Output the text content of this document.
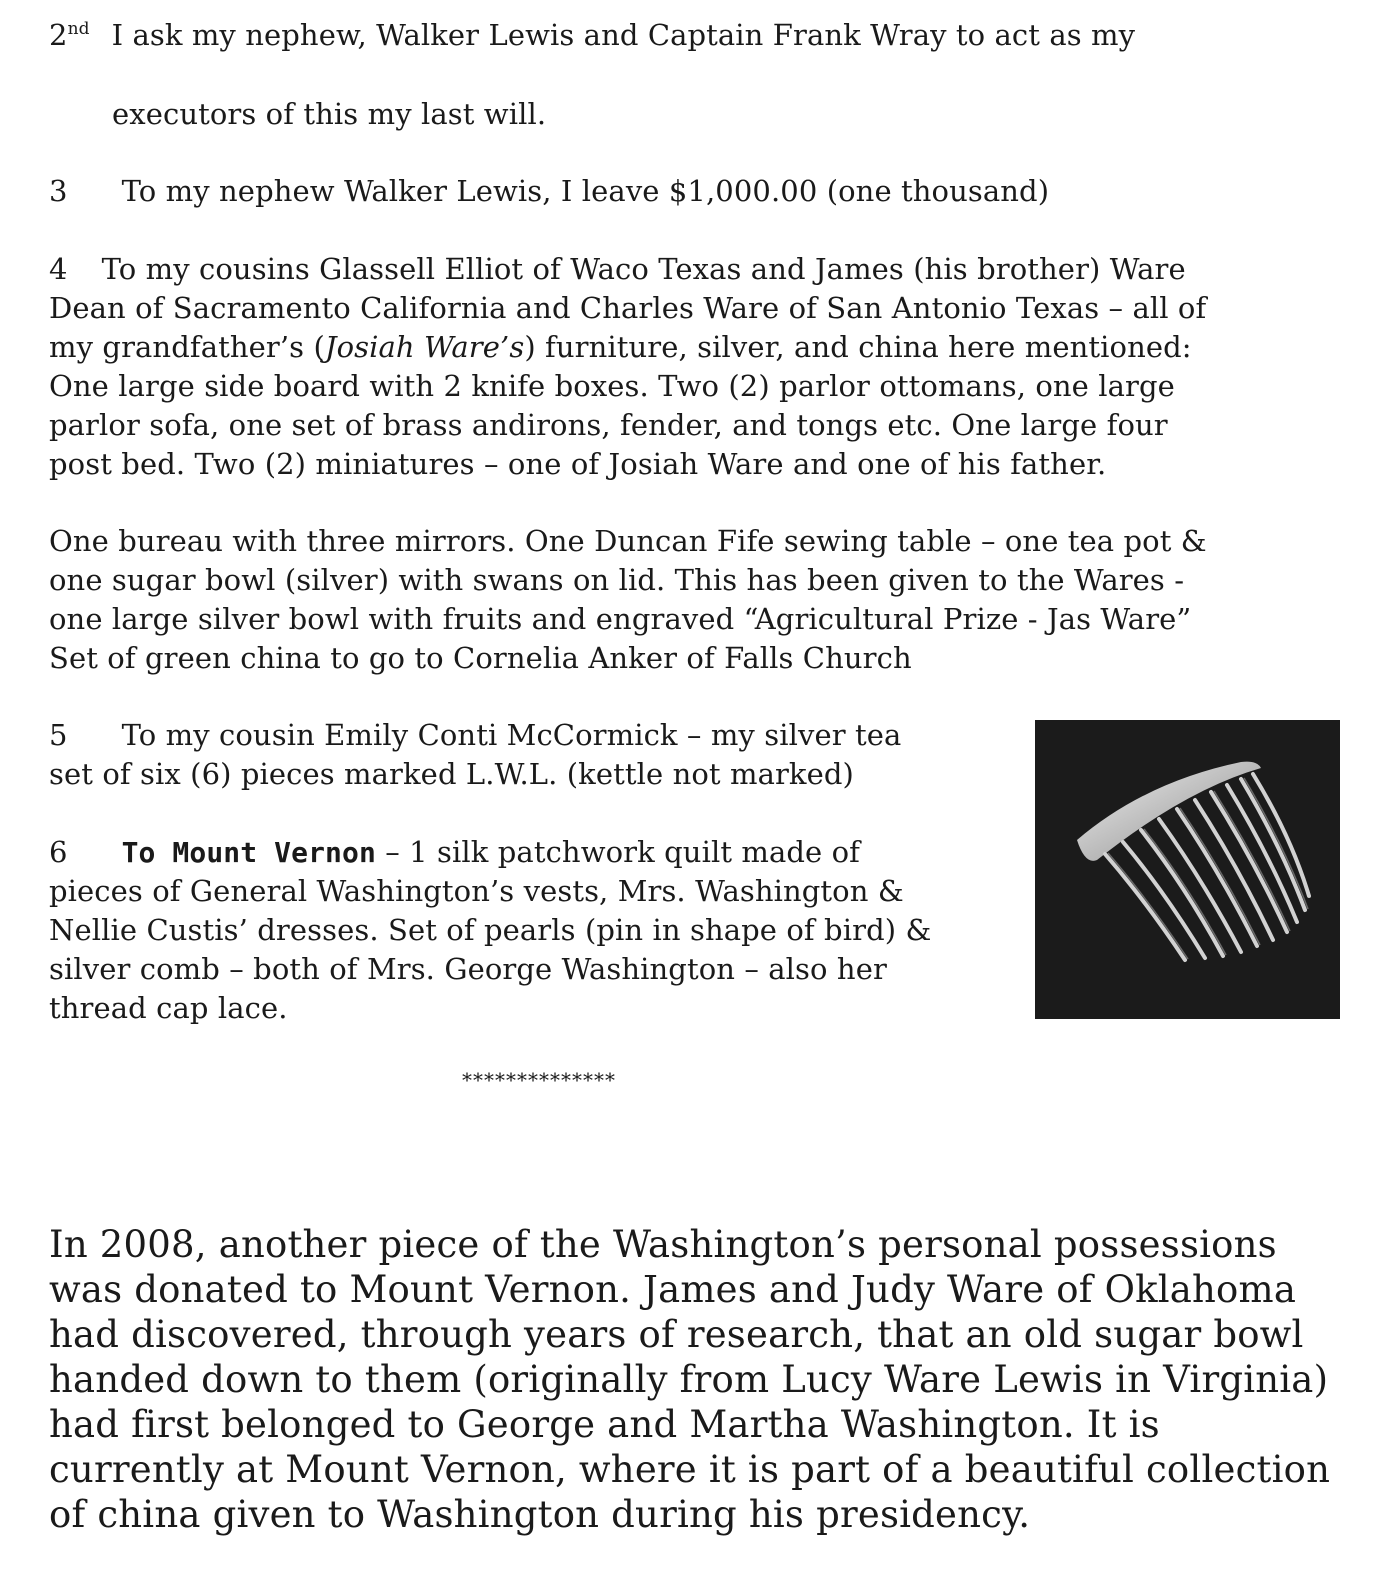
2nd I ask my nephew, Walker Lewis and Captain Frank Wray to act as my
executors of this my last will.
3 To my nephew Walker Lewis, I leave $1,000.00 (one thousand)
4 To my cousins Glassell Elliot of Waco Texas and James (his brother) Ware
Dean of Sacramento California and Charles Ware of San Antonio Texas – all of
my grandfather’s (Josiah Ware’s) furniture, silver, and china here mentioned:
One large side board with 2 knife boxes. Two (2) parlor ottomans, one large
parlor sofa, one set of brass andirons, fender, and tongs etc. One large four
post bed. Two (2) miniatures – one of Josiah Ware and one of his father.
One bureau with three mirrors. One Duncan Fife sewing table – one tea pot &
one sugar bowl (silver) with swans on lid. This has been given to the Wares -
one large silver bowl with fruits and engraved “Agricultural Prize - Jas Ware”
Set of green china to go to Cornelia Anker of Falls Church
5 To my cousin Emily Conti McCormick – my silver tea
set of six (6) pieces marked L.W.L. (kettle not marked)
6 To Mount Vernon – 1 silk patchwork quilt made of
pieces of General Washington’s vests, Mrs. Washington &
Nellie Custis’ dresses. Set of pearls (pin in shape of bird) &
silver comb – both of Mrs. George Washington – also her
thread cap lace.
**************
In 2008, another piece of the Washington’s personal possessions
was donated to Mount Vernon. James and Judy Ware of Oklahoma
had discovered, through years of research, that an old sugar bowl
handed down to them (originally from Lucy Ware Lewis in Virginia)
had first belonged to George and Martha Washington. It is
currently at Mount Vernon, where it is part of a beautiful collection
of china given to Washington during his presidency.
